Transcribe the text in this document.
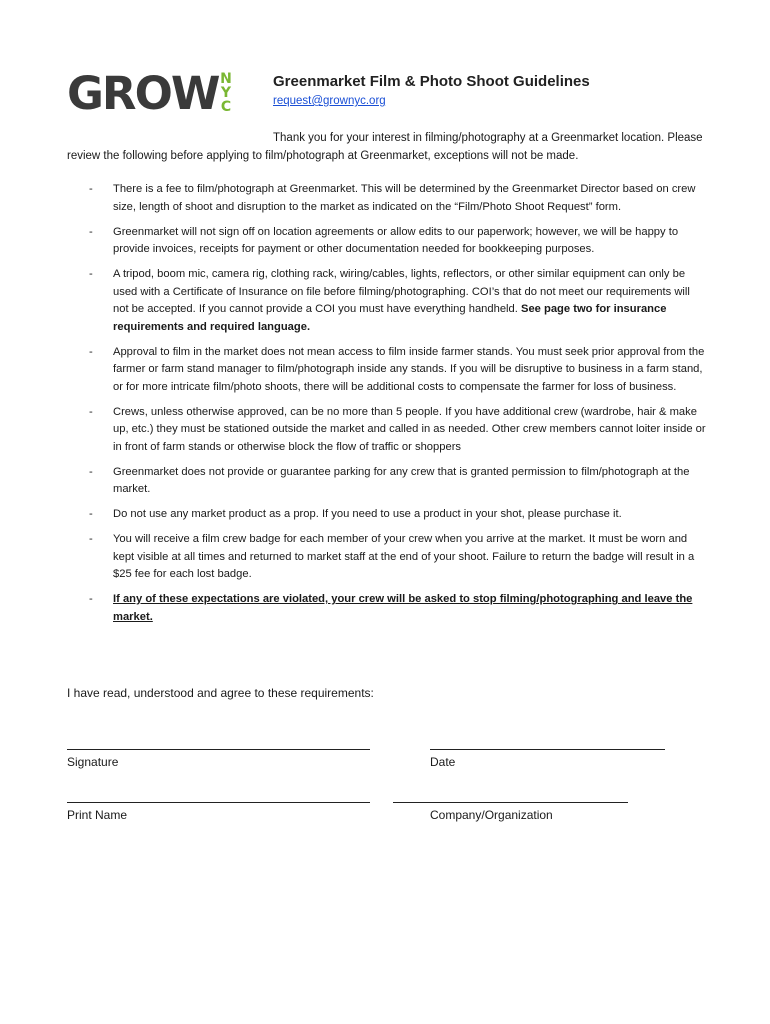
GROW N
Y
C
Greenmarket Film & Photo Shoot Guidelines
request@grownyc.org
Thank you for your interest in filming/photography at a Greenmarket location. Please review the following before applying to film/photograph at Greenmarket, exceptions will not be made.
- There is a fee to film/photograph at Greenmarket. This will be determined by the Greenmarket Director based on crew size, length of shoot and disruption to the market as indicated on the “Film/Photo Shoot Request” form.
- Greenmarket will not sign off on location agreements or allow edits to our paperwork; however, we will be happy to provide invoices, receipts for payment or other documentation needed for bookkeeping purposes.
- A tripod, boom mic, camera rig, clothing rack, wiring/cables, lights, reflectors, or other similar equipment can only be used with a Certificate of Insurance on file before filming/photographing. COI’s that do not meet our requirements will not be accepted. If you cannot provide a COI you must have everything handheld. See page two for insurance requirements and required language.
- Approval to film in the market does not mean access to film inside farmer stands. You must seek prior approval from the farmer or farm stand manager to film/photograph inside any stands. If you will be disruptive to business in a farm stand, or for more intricate film/photo shoots, there will be additional costs to compensate the farmer for loss of business.
- Crews, unless otherwise approved, can be no more than 5 people. If you have additional crew (wardrobe, hair & make up, etc.) they must be stationed outside the market and called in as needed. Other crew members cannot loiter inside or in front of farm stands or otherwise block the flow of traffic or shoppers
- Greenmarket does not provide or guarantee parking for any crew that is granted permission to film/photograph at the market.
- Do not use any market product as a prop. If you need to use a product in your shot, please purchase it.
- You will receive a film crew badge for each member of your crew when you arrive at the market. It must be worn and kept visible at all times and returned to market staff at the end of your shoot. Failure to return the badge will result in a $25 fee for each lost badge.
- If any of these expectations are violated, your crew will be asked to stop filming/photographing and leave the market.
I have read, understood and agree to these requirements:
Signature	Date
Print Name	Company/Organization
